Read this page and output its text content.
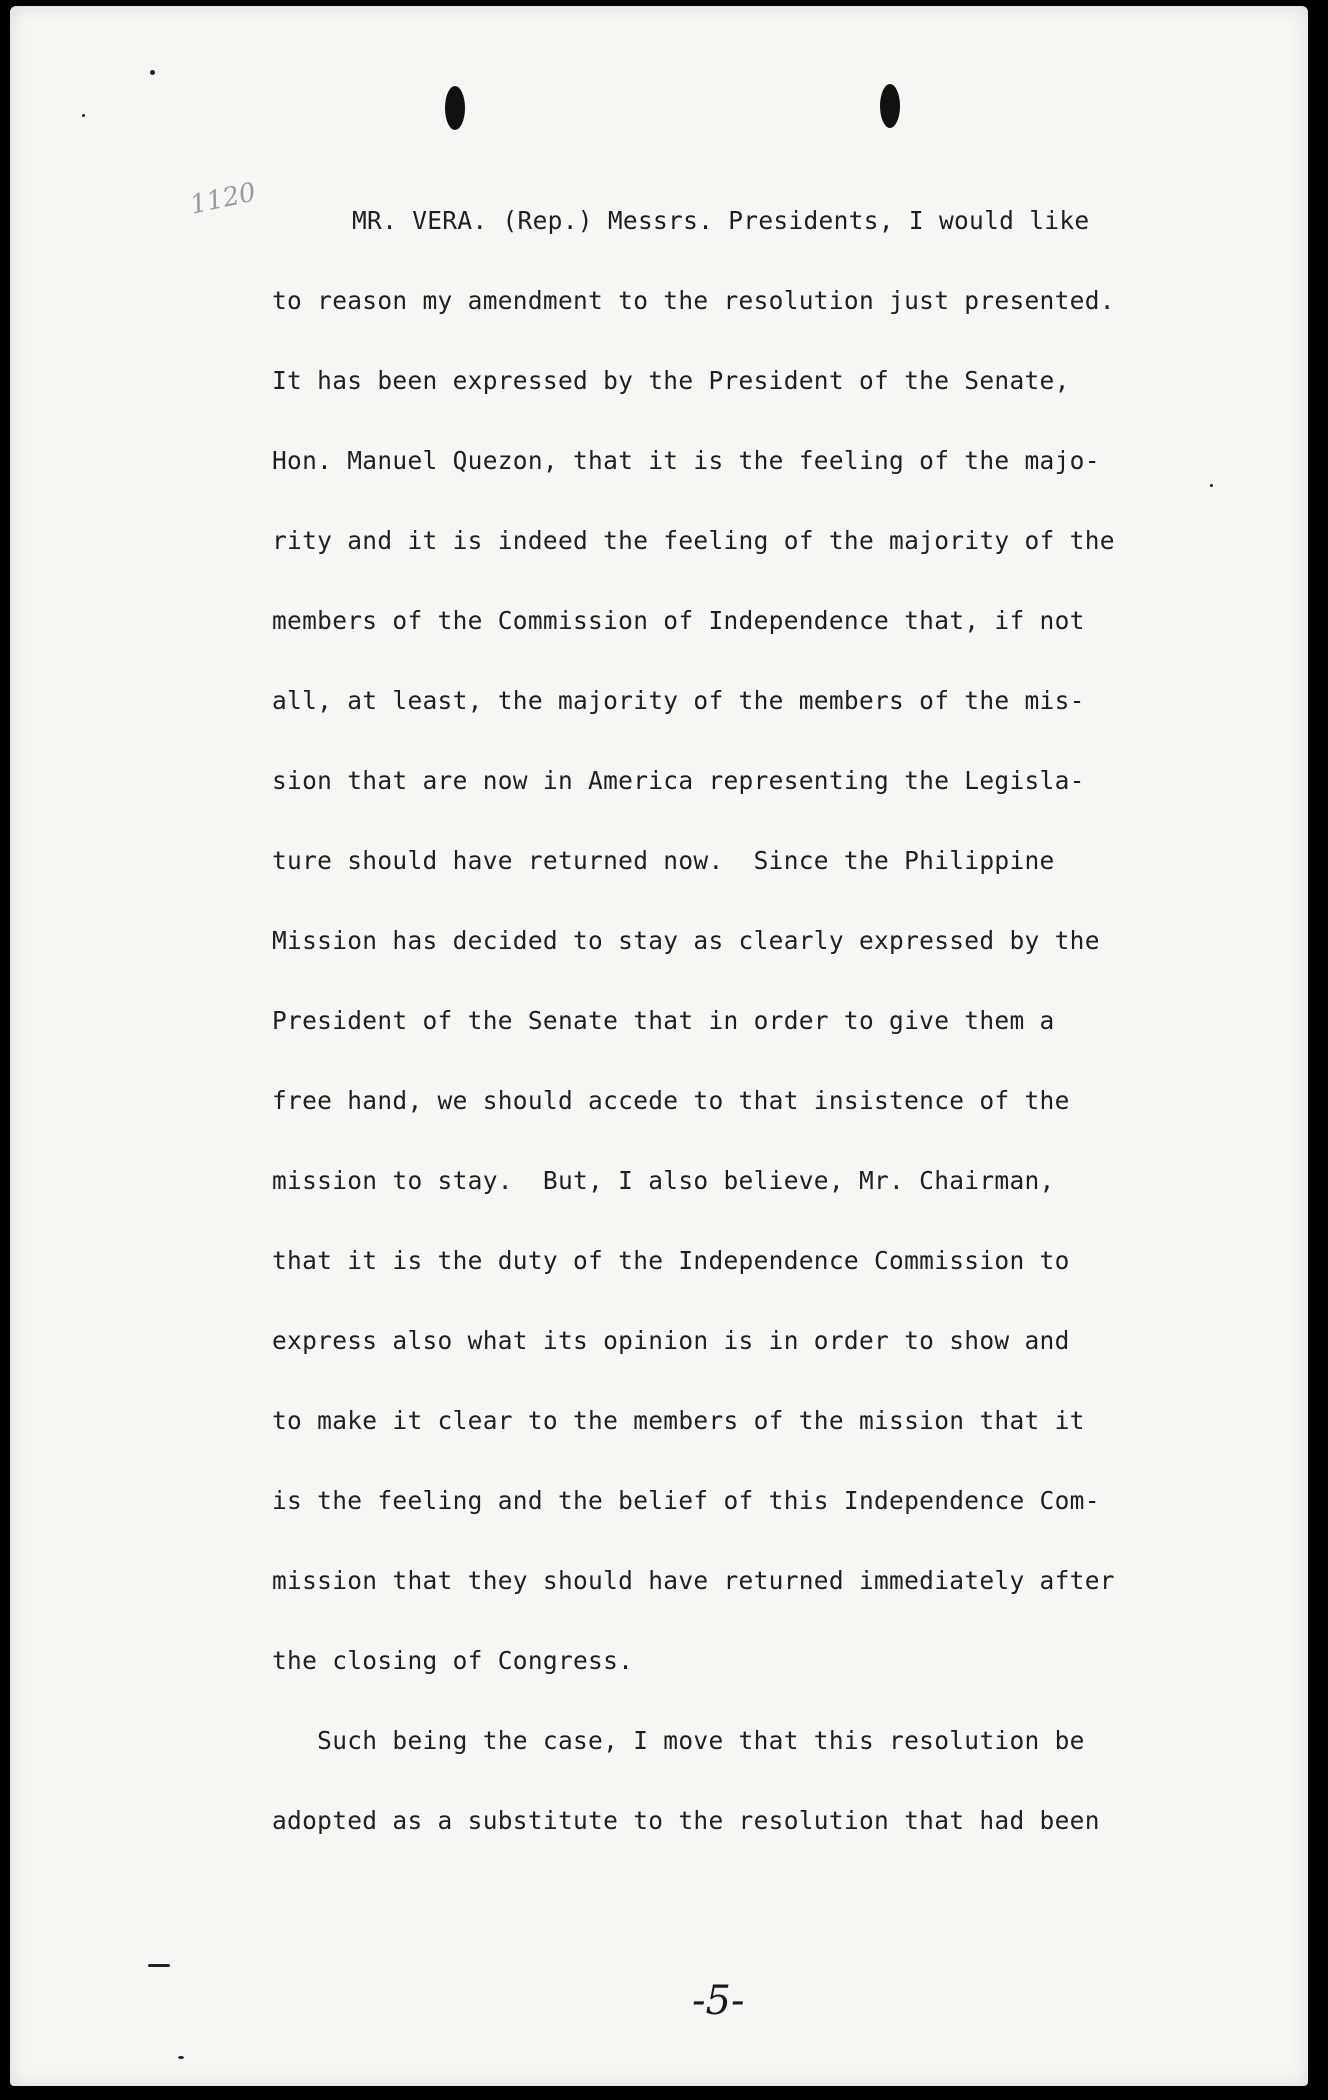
1120	MR. VERA. (Rep.) Messrs. Presidents, I would like
to reason my amendment to the resolution just presented.
It has been expressed by the President of the Senate,
Hon. Manuel Quezon, that it is the feeling of the majo-
rity and it is indeed the feeling of the majority of the
members of the Commission of Independence that, if not
all, at least, the majority of the members of the mis-
sion that are now in America representing the Legisla-
ture should have returned now.  Since the Philippine
Mission has decided to stay as clearly expressed by the
President of the Senate that in order to give them a
free hand, we should accede to that insistence of the
mission to stay.  But, I also believe, Mr. Chairman,
that it is the duty of the Independence Commission to
express also what its opinion is in order to show and
to make it clear to the members of the mission that it
is the feeling and the belief of this Independence Com-
mission that they should have returned immediately after
the closing of Congress.
Such being the case, I move that this resolution be
adopted as a substitute to the resolution that had been
-5-
